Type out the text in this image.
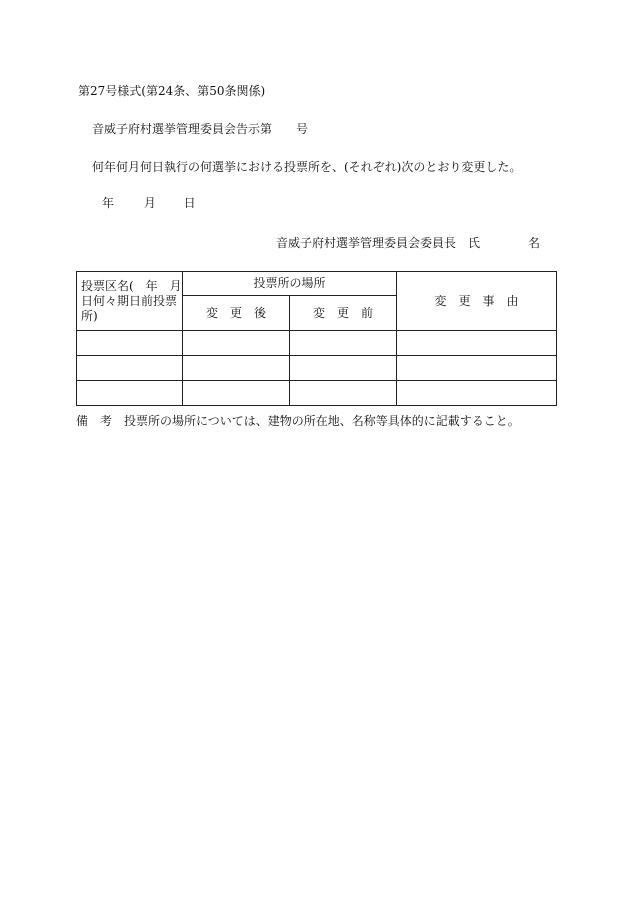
第27号様式(第24条、第50条関係)
音威子府村選挙管理委員会告示第　　号
何年何月何日執行の何選挙における投票所を、(それぞれ)次のとおり変更した。
年 月 日
音威子府村選挙管理委員会委員長　氏	名
投票区名(　年　月　日何々期日前投票所)	投票所の場所		変　更　事　由
	変　更　後	変　更　前	

備　考　投票所の場所については、建物の所在地、名称等具体的に記載すること。
